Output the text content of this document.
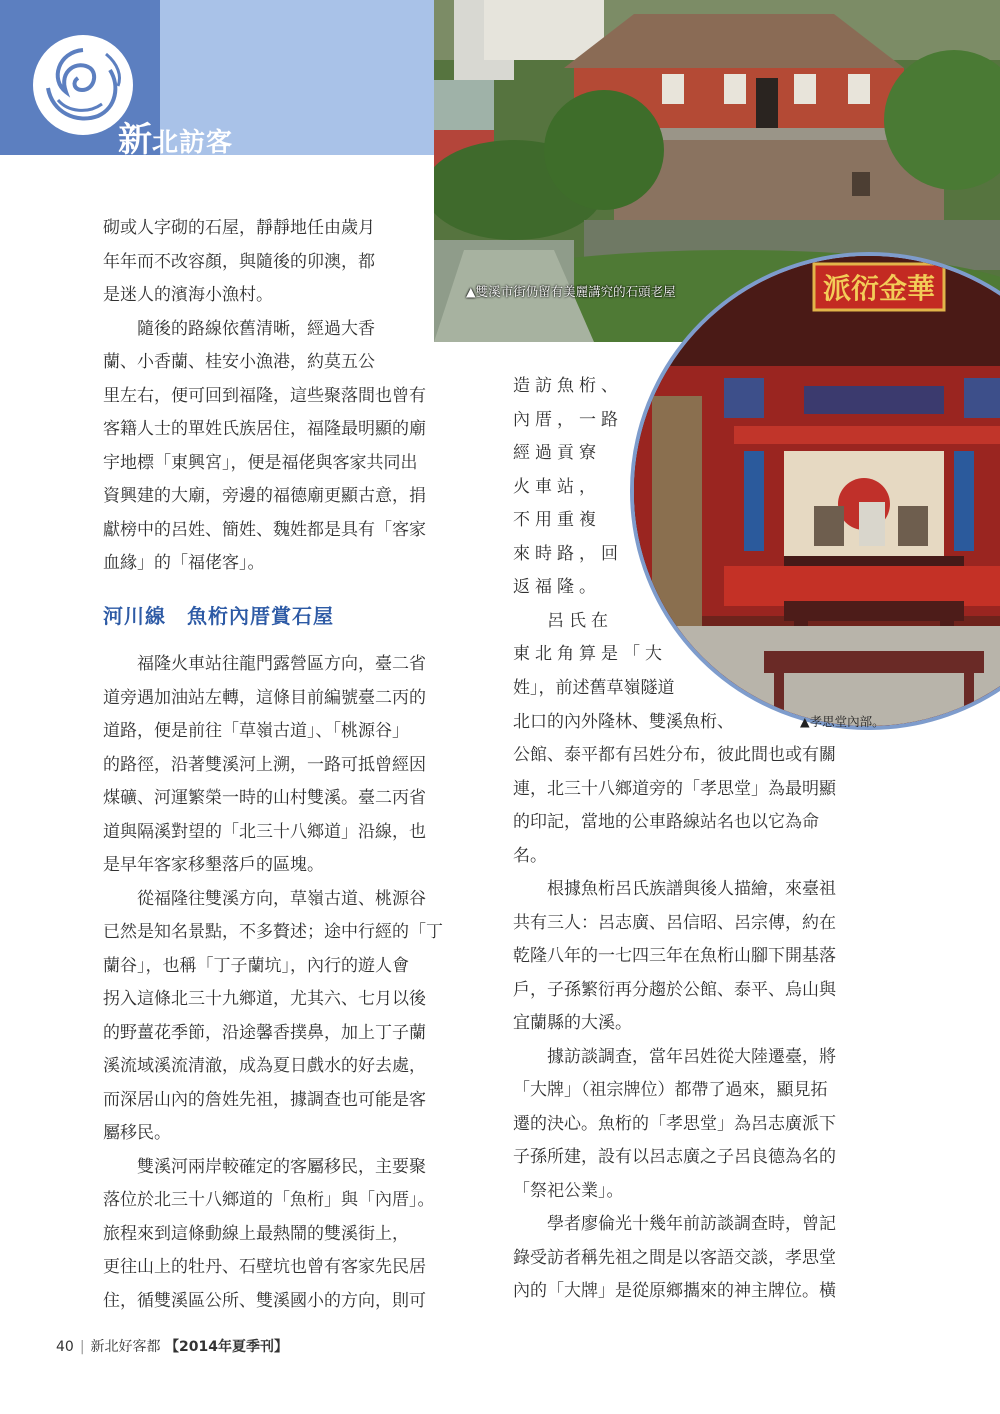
新北訪客
▲雙溪市街仍留有美麗講究的石頭老屋	派衍金華
▲孝思堂內部。

砌或人字砌的石屋，靜靜地任由歲月
年年而不改容顏，與隨後的卯澳，都
是迷人的濱海小漁村。

隨後的路線依舊清晰，經過大香
蘭、小香蘭、桂安小漁港，約莫五公
里左右，便可回到福隆，這些聚落間也曾有
客籍人士的單姓氏族居住，福隆最明顯的廟
宇地標「東興宮」，便是福佬與客家共同出
資興建的大廟，旁邊的福德廟更顯古意，捐
獻榜中的呂姓、簡姓、魏姓都是具有「客家
血緣」的「福佬客」。

河川線　魚桁內厝賞石屋

福隆火車站往龍門露營區方向，臺二省
道旁遇加油站左轉，這條目前編號臺二丙的
道路，便是前往「草嶺古道」、「桃源谷」
的路徑，沿著雙溪河上溯，一路可抵曾經因
煤礦、河運繁榮一時的山村雙溪。臺二丙省
道與隔溪對望的「北三十八鄉道」沿線，也
是早年客家移墾落戶的區塊。

從福隆往雙溪方向，草嶺古道、桃源谷
已然是知名景點，不多贅述；途中行經的「丁
蘭谷」，也稱「丁子蘭坑」，內行的遊人會
拐入這條北三十九鄉道，尤其六、七月以後
的野薑花季節，沿途馨香撲鼻，加上丁子蘭
溪流域溪流清澈，成為夏日戲水的好去處，
而深居山內的詹姓先祖，據調查也可能是客
屬移民。

雙溪河兩岸較確定的客屬移民，主要聚
落位於北三十八鄉道的「魚桁」與「內厝」。
旅程來到這條動線上最熱鬧的雙溪街上，
更往山上的牡丹、石壁坑也曾有客家先民居
住，循雙溪區公所、雙溪國小的方向，則可

造訪魚桁、
內厝，一路
經過貢寮
火車站，
不用重複
來時路，回
返福隆。
呂氏在
東北角算是「大

姓」，前述舊草嶺隧道
北口的內外隆林、雙溪魚桁、
公館、泰平都有呂姓分布，彼此間也或有關
連，北三十八鄉道旁的「孝思堂」為最明顯
的印記，當地的公車路線站名也以它為命
名。

根據魚桁呂氏族譜與後人描繪，來臺祖
共有三人：呂志廣、呂信昭、呂宗傳，約在
乾隆八年的一七四三年在魚桁山腳下開基落
戶，子孫繁衍再分趨於公館、泰平、烏山與
宜蘭縣的大溪。

據訪談調查，當年呂姓從大陸遷臺，將
「大牌」（祖宗牌位）都帶了過來，顯見拓
遷的決心。魚桁的「孝思堂」為呂志廣派下
子孫所建，設有以呂志廣之子呂良德為名的
「祭祀公業」。

學者廖倫光十幾年前訪談調查時，曾記
錄受訪者稱先祖之間是以客語交談，孝思堂
內的「大牌」是從原鄉攜來的神主牌位。橫

40 | 新北好客都 【2014年夏季刊】
